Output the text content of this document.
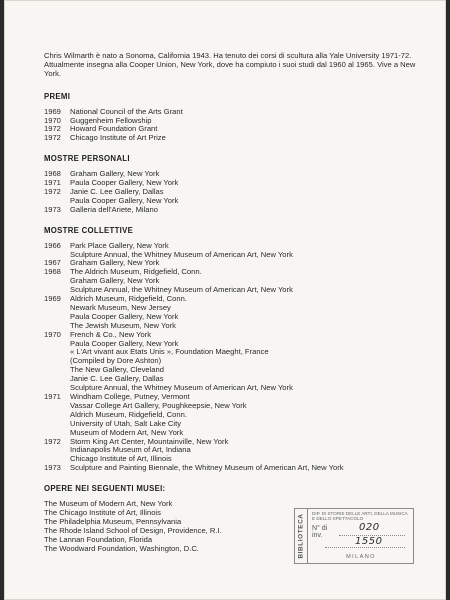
Chris Wilmarth è nato a Sonoma, California 1943. Ha tenuto dei corsi di scultura alla Yale University 1971-72. Attualmente insegna alla Cooper Union, New York, dove ha compiuto i suoi studi dal 1960 al 1965. Vive a New York.

PREMI
1969	National Council of the Arts Grant
1970	Guggenheim Fellowship
1972	Howard Foundation Grant
1972	Chicago Institute of Art Prize
MOSTRE PERSONALI
1968	Graham Gallery, New York
1971	Paula Cooper Gallery, New York
1972	Janie C. Lee Gallery, Dallas
Paula Cooper Gallery, New York
1973	Galleria dell'Ariete, Milano
MOSTRE COLLETTIVE
1966	Park Place Gallery, New York
Sculpture Annual, the Whitney Museum of American Art, New York
1967	Graham Gallery, New York
1968	The Aldrich Museum, Ridgefield, Conn.
Graham Gallery, New York
Sculpture Annual, the Whitney Museum of American Art, New York
1969	Aldrich Museum, Ridgefield, Conn.
Newark Museum, New Jersey
Paula Cooper Gallery, New York
The Jewish Museum, New York
1970	French & Co., New York
Paula Cooper Gallery, New York
« L'Art vivant aux Etats Unis », Foundation Maeght, France
(Compiled by Dore Ashton)
The New Gallery, Cleveland
Janie C. Lee Gallery, Dallas
Sculpture Annual, the Whitney Museum of American Art, New York
1971	Windham College, Putney, Vermont
Vassar College Art Gallery, Poughkeepsie, New York
Aldrich Museum, Ridgefield, Conn.
University of Utah, Salt Lake City
Museum of Modern Art, New York
1972	Storm King Art Center, Mountainville, New York
Indianapolis Museum of Art, Indiana
Chicago Institute of Art, Illinois
1973	Sculpture and Painting Biennale, the Whitney Museum of American Art, New York
OPERE NEI SEGUENTI MUSEI:
The Museum of Modern Art, New York
The Chicago Institute of Art, Illinois
The Philadelphia Museum, Pennsylvania
The Rhode Island School of Design, Providence, R.I.
The Lannan Foundation, Florida
The Woodward Foundation, Washington, D.C.	BIBLIOTECA DIP. DI STORIE DELLE ARTI, DELLA MUSICA E DELLO SPETTACOLO
N° di inv.
020
1550
MILANO
